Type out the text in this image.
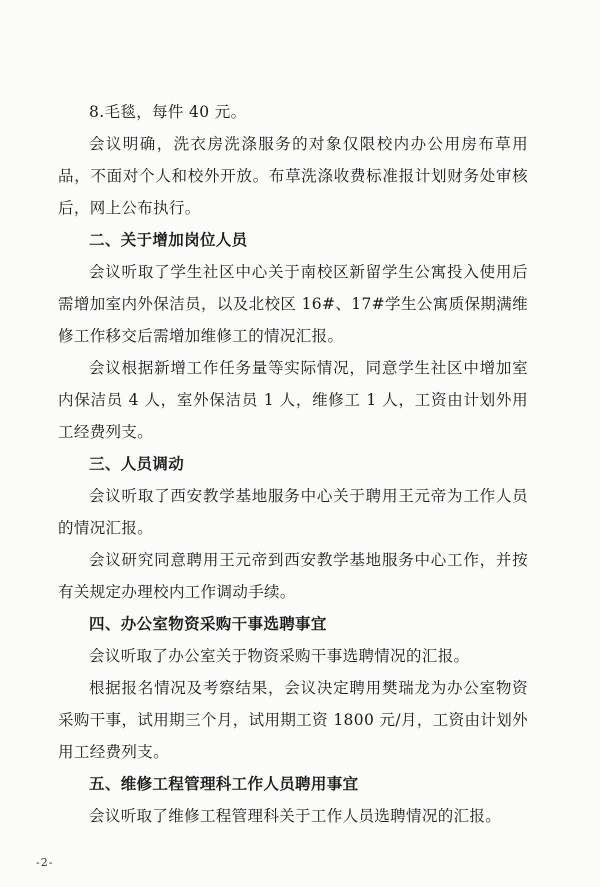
8.毛毯，每件 40 元。

会议明确，洗衣房洗涤服务的对象仅限校内办公用房布草用品，不面对个人和校外开放。布草洗涤收费标准报计划财务处审核后，网上公布执行。

二、关于增加岗位人员

会议听取了学生社区中心关于南校区新留学生公寓投入使用后需增加室内外保洁员，以及北校区 16#、17#学生公寓质保期满维修工作移交后需增加维修工的情况汇报。

会议根据新增工作任务量等实际情况，同意学生社区中增加室内保洁员 4 人，室外保洁员 1 人，维修工 1 人，工资由计划外用工经费列支。

三、人员调动

会议听取了西安教学基地服务中心关于聘用王元帝为工作人员的情况汇报。

会议研究同意聘用王元帝到西安教学基地服务中心工作，并按有关规定办理校内工作调动手续。

四、办公室物资采购干事选聘事宜

会议听取了办公室关于物资采购干事选聘情况的汇报。

根据报名情况及考察结果，会议决定聘用樊瑞龙为办公室物资采购干事，试用期三个月，试用期工资 1800 元/月，工资由计划外用工经费列支。

五、维修工程管理科工作人员聘用事宜

会议听取了维修工程管理科关于工作人员选聘情况的汇报。

-2-
